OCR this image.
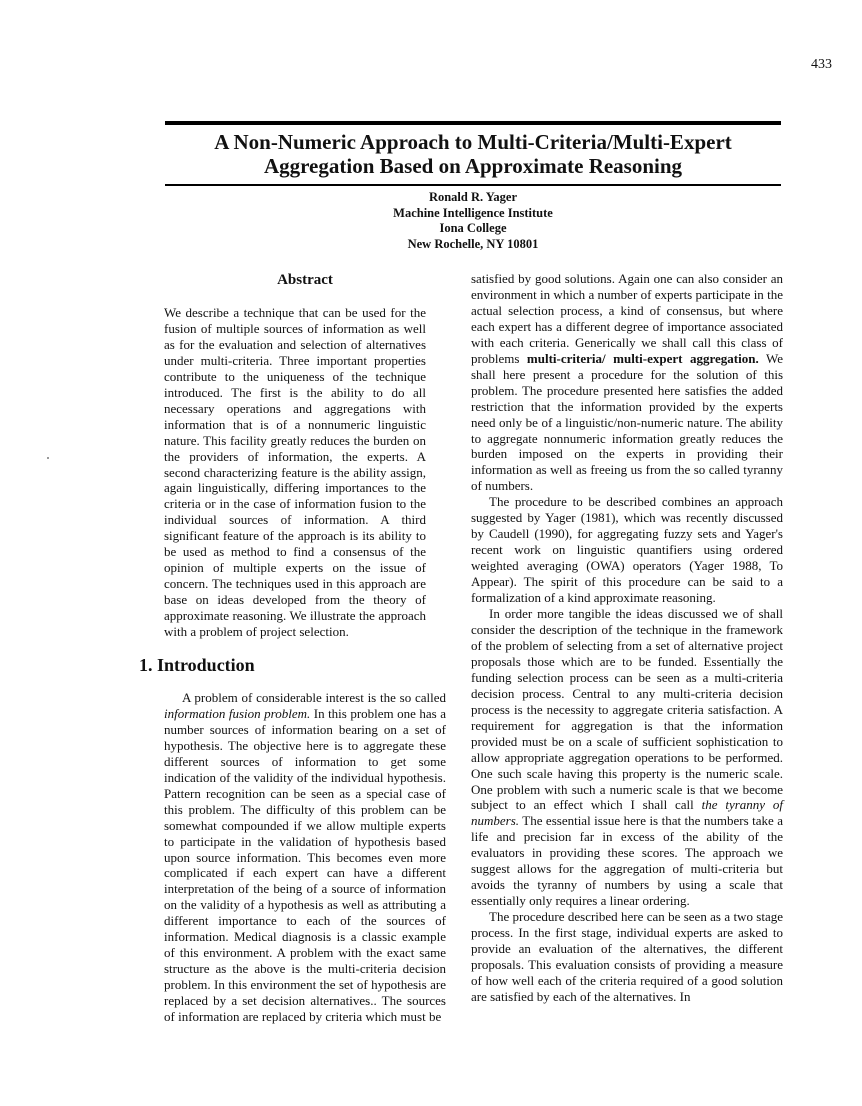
433
A Non-Numeric Approach to Multi-Criteria/Multi-Expert
Aggregation Based on Approximate Reasoning
Ronald R. Yager
Machine Intelligence Institute
Iona College
New Rochelle, NY 10801
Abstract

We describe a technique that can be used for the fusion of multiple sources of information as well as for the evaluation and selection of alternatives under multi-criteria. Three important properties contribute to the uniqueness of the technique introduced. The first is the ability to do all necessary operations and aggregations with information that is of a nonnumeric linguistic nature. This facility greatly reduces the burden on the providers of information, the experts. A second characterizing feature is the ability assign, again linguistically, differing importances to the criteria or in the case of information fusion to the individual sources of information. A third significant feature of the approach is its ability to be used as method to find a consensus of the opinion of multiple experts on the issue of concern. The techniques used in this approach are base on ideas developed from the theory of approximate reasoning. We illustrate the approach with a problem of project selection.

1. Introduction

A problem of considerable interest is the so called information fusion problem. In this problem one has a number sources of information bearing on a set of hypothesis. The objective here is to aggregate these different sources of information to get some indication of the validity of the individual hypothesis. Pattern recognition can be seen as a special case of this problem. The difficulty of this problem can be somewhat compounded if we allow multiple experts to participate in the validation of hypothesis based upon source information. This becomes even more complicated if each expert can have a different interpretation of the being of a source of information on the validity of a hypothesis as well as attributing a different importance to each of the sources of information. Medical diagnosis is a classic example of this environment. A problem with the exact same structure as the above is the multi-criteria decision problem. In this environment the set of hypothesis are replaced by a set decision alternatives.. The sources of information are replaced by criteria which must be

satisfied by good solutions. Again one can also consider an environment in which a number of experts participate in the actual selection process, a kind of consensus, but where each expert has a different degree of importance associated with each criteria. Generically we shall call this class of problems multi-criteria/ multi-expert aggregation. We shall here present a procedure for the solution of this problem. The procedure presented here satisfies the added restriction that the information provided by the experts need only be of a linguistic/non-numeric nature. The ability to aggregate nonnumeric information greatly reduces the burden imposed on the experts in providing their information as well as freeing us from the so called tyranny of numbers.

The procedure to be described combines an approach suggested by Yager (1981), which was recently discussed by Caudell (1990), for aggregating fuzzy sets and Yager's recent work on linguistic quantifiers using ordered weighted averaging (OWA) operators (Yager 1988, To Appear). The spirit of this procedure can be said to a formalization of a kind approximate reasoning.

In order more tangible the ideas discussed we of shall consider the description of the technique in the framework of the problem of selecting from a set of alternative project proposals those which are to be funded. Essentially the funding selection process can be seen as a multi-criteria decision process. Central to any multi-criteria decision process is the necessity to aggregate criteria satisfaction. A requirement for aggregation is that the information provided must be on a scale of sufficient sophistication to allow appropriate aggregation operations to be performed. One such scale having this property is the numeric scale. One problem with such a numeric scale is that we become subject to an effect which I shall call the tyranny of numbers. The essential issue here is that the numbers take a life and precision far in excess of the ability of the evaluators in providing these scores. The approach we suggest allows for the aggregation of multi-criteria but avoids the tyranny of numbers by using a scale that essentially only requires a linear ordering.

The procedure described here can be seen as a two stage process. In the first stage, individual experts are asked to provide an evaluation of the alternatives, the different proposals. This evaluation consists of providing a measure of how well each of the criteria required of a good solution are satisfied by each of the alternatives. In
